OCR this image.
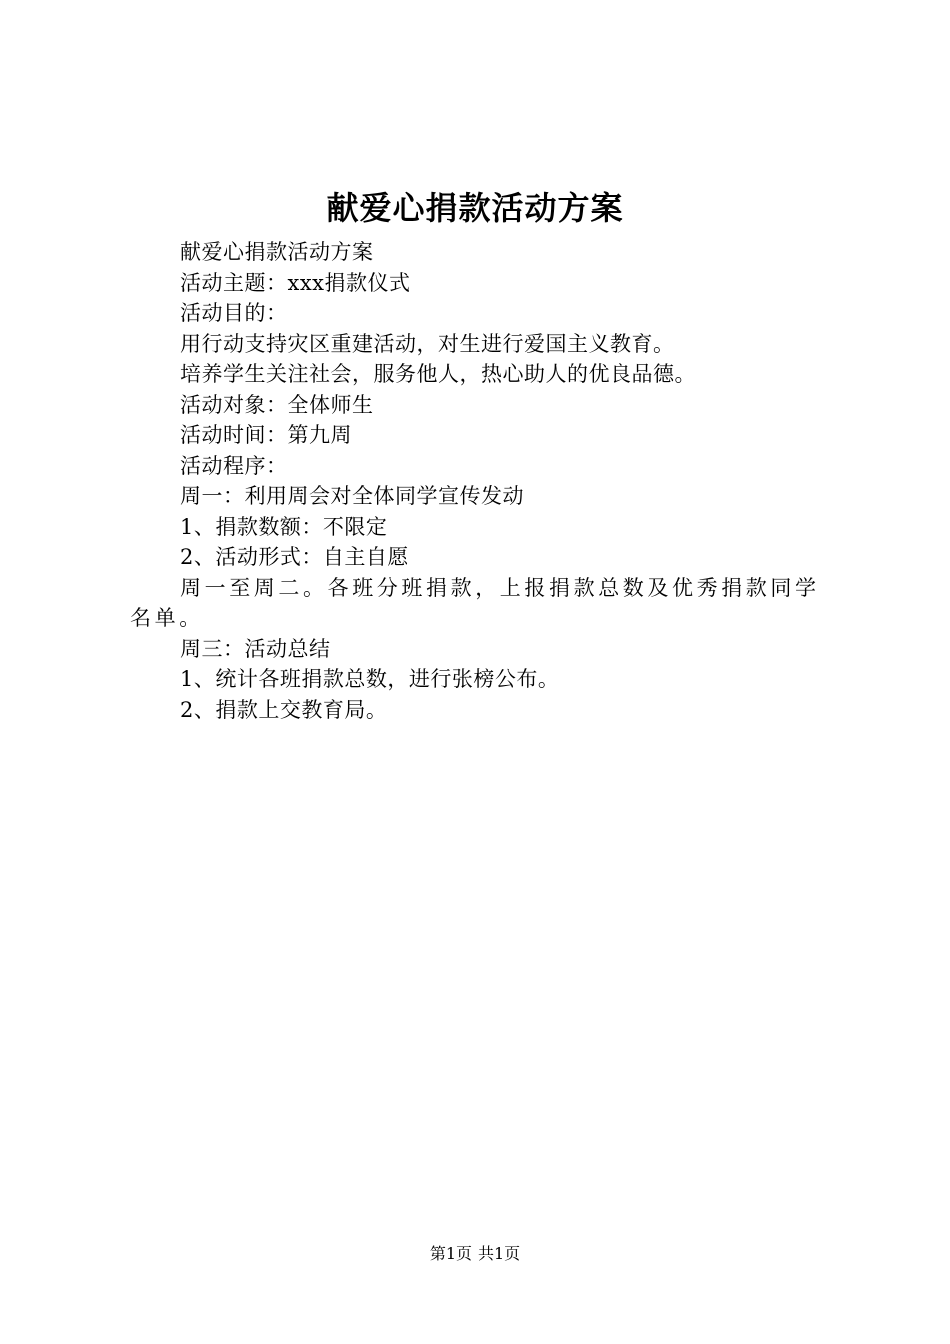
献爱心捐款活动方案
献爱心捐款活动方案
活动主题：xxx捐款仪式
活动目的：
用行动支持灾区重建活动，对生进行爱国主义教育。
培养学生关注社会，服务他人，热心助人的优良品德。
活动对象：全体师生
活动时间：第九周
活动程序：
周一：利用周会对全体同学宣传发动
1、捐款数额：不限定
2、活动形式：自主自愿
周一至周二。各班分班捐款，上报捐款总数及优秀捐款同学名单。
周三：活动总结
1、统计各班捐款总数，进行张榜公布。
2、捐款上交教育局。
第1页 共1页
